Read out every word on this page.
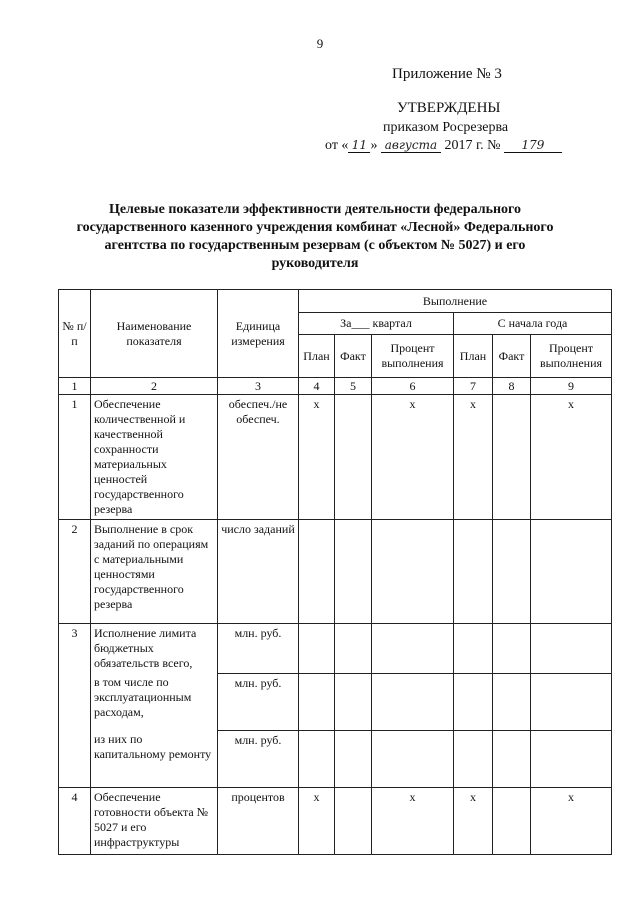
9
Приложение № 3
УТВЕРЖДЕНЫ
приказом Росрезерва
от « 11 » августа 2017 г. № 179
Целевые показатели эффективности деятельности федерального государственного казенного учреждения комбинат «Лесной» Федерального агентства по государственным резервам (с объектом № 5027) и его руководителя
№ п/п	Наименование показателя	Единица измерения	Выполнение					
			За___ квартал			С начала года		
			План	Факт	Процент выполнения	План	Факт	Процент выполнения
1	2	3	4	5	6	7	8	9
1	Обеспечение количественной и качественной сохранности материальных ценностей государственного резерва	обеспеч./не обеспеч.	х		х	х		х
2	Выполнение в срок заданий по операциям с материальными ценностями государственного резерва	число заданий						
3	Исполнение лимита бюджетных обязательств всего,	млн. руб.						
	в том числе по эксплуатационным расходам,	млн. руб.						
	из них по капитальному ремонту	млн. руб.						
4	Обеспечение готовности объекта № 5027 и его инфраструктуры	процентов	х		х	х		х
